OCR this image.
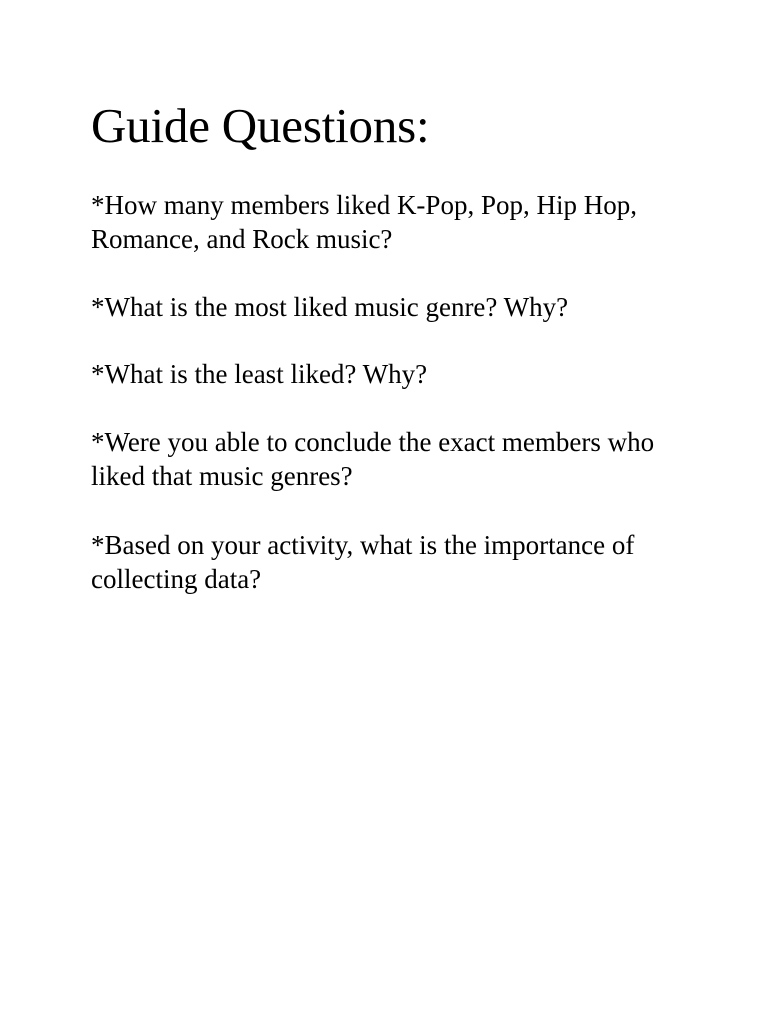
Guide Questions:
*How many members liked K-Pop, Pop, Hip Hop, Romance, and Rock music?
*What is the most liked music genre? Why?
*What is the least liked? Why?
*Were you able to conclude the exact members who liked that music genres?
*Based on your activity, what is the importance of collecting data?
